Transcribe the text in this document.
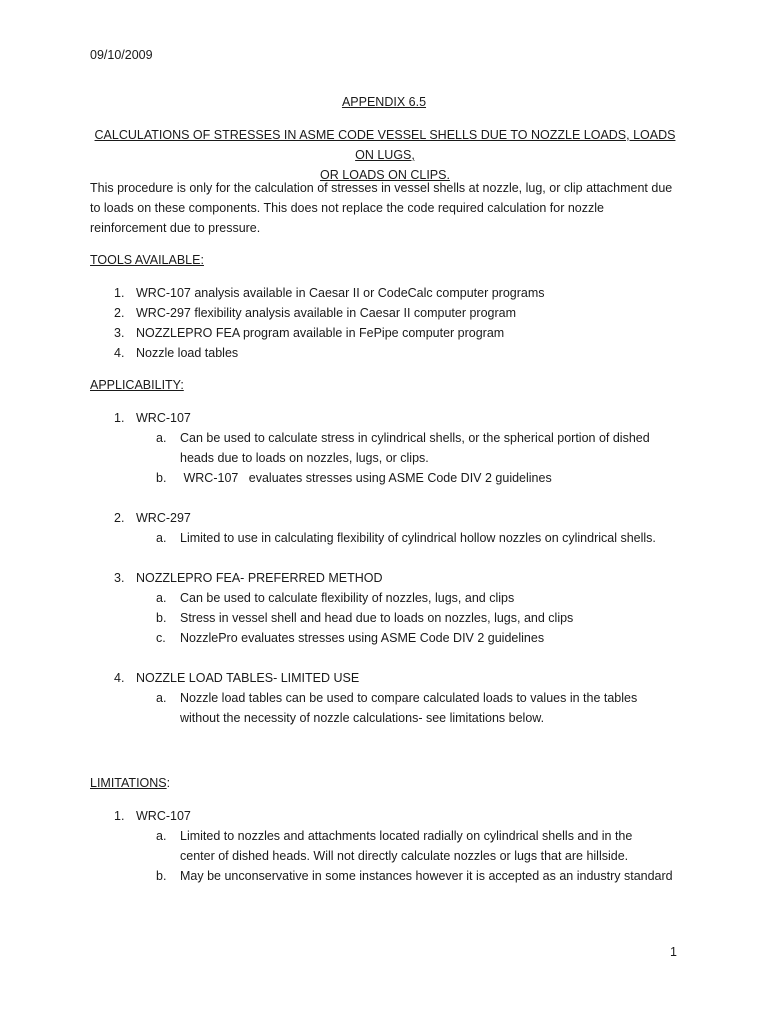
09/10/2009
APPENDIX 6.5
CALCULATIONS OF STRESSES IN ASME CODE VESSEL SHELLS DUE TO NOZZLE LOADS, LOADS ON LUGS,
OR LOADS ON CLIPS.
This procedure is only for the calculation of stresses in vessel shells at nozzle, lug, or clip attachment due
to loads on these components. This does not replace the code required calculation for nozzle
reinforcement due to pressure.
TOOLS AVAILABLE:
1. WRC-107 analysis available in Caesar II or CodeCalc computer programs
2. WRC-297 flexibility analysis available in Caesar II computer program
3. NOZZLEPRO FEA program available in FePipe computer program
4. Nozzle load tables
APPLICABILITY:
1. WRC-107
a.	Can be used to calculate stress in cylindrical shells, or the spherical portion of dished
heads due to loads on nozzles, lugs, or clips.
b.	WRC-107   evaluates stresses using ASME Code DIV 2 guidelines
2. WRC-297
a.	Limited to use in calculating flexibility of cylindrical hollow nozzles on cylindrical shells.
3. NOZZLEPRO FEA- PREFERRED METHOD
a.	Can be used to calculate flexibility of nozzles, lugs, and clips
b.	Stress in vessel shell and head due to loads on nozzles, lugs, and clips
c.	NozzlePro evaluates stresses using ASME Code DIV 2 guidelines
4. NOZZLE LOAD TABLES- LIMITED USE
a.	Nozzle load tables can be used to compare calculated loads to values in the tables
without the necessity of nozzle calculations- see limitations below.
LIMITATIONS:
1. WRC-107
a.	Limited to nozzles and attachments located radially on cylindrical shells and in the
center of dished heads. Will not directly calculate nozzles or lugs that are hillside.
b.	May be unconservative in some instances however it is accepted as an industry standard
1
